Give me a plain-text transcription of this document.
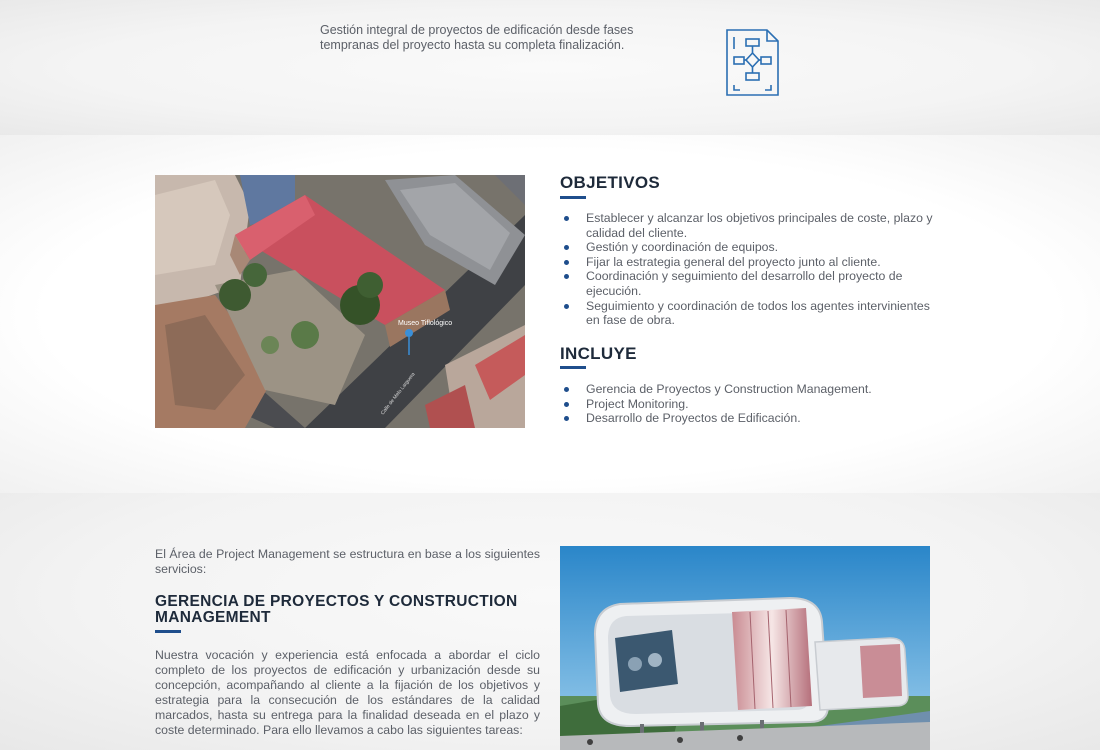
Gestión integral de proyectos de edificación desde fases tempranas del proyecto hasta su completa finalización.

Museo Tiflológico
Calle de Melo Larguera
OBJETIVOS
Establecer y alcanzar los objetivos principales de coste, plazo y calidad del cliente.
Gestión y coordinación de equipos.
Fijar la estrategia general del proyecto junto al cliente.
Coordinación y seguimiento del desarrollo del proyecto de ejecución.
Seguimiento y coordinación de todos los agentes intervinientes en fase de obra.
INCLUYE
Gerencia de Proyectos y Construction Management.
Project Monitoring.
Desarrollo de Proyectos de Edificación.

El Área de Project Management se estructura en base a los siguientes servicios:

GERENCIA DE PROYECTOS Y CONSTRUCTION
MANAGEMENT

Nuestra vocación y experiencia está enfocada a abordar el ciclo completo de los proyectos de edificación y urbanización desde su concepción, acompañando al cliente a la fijación de los objetivos y estrategia para la consecución de los estándares de la calidad marcados, hasta su entrega para la finalidad deseada en el plazo y coste determinado. Para ello llevamos a cabo las siguientes tareas:
